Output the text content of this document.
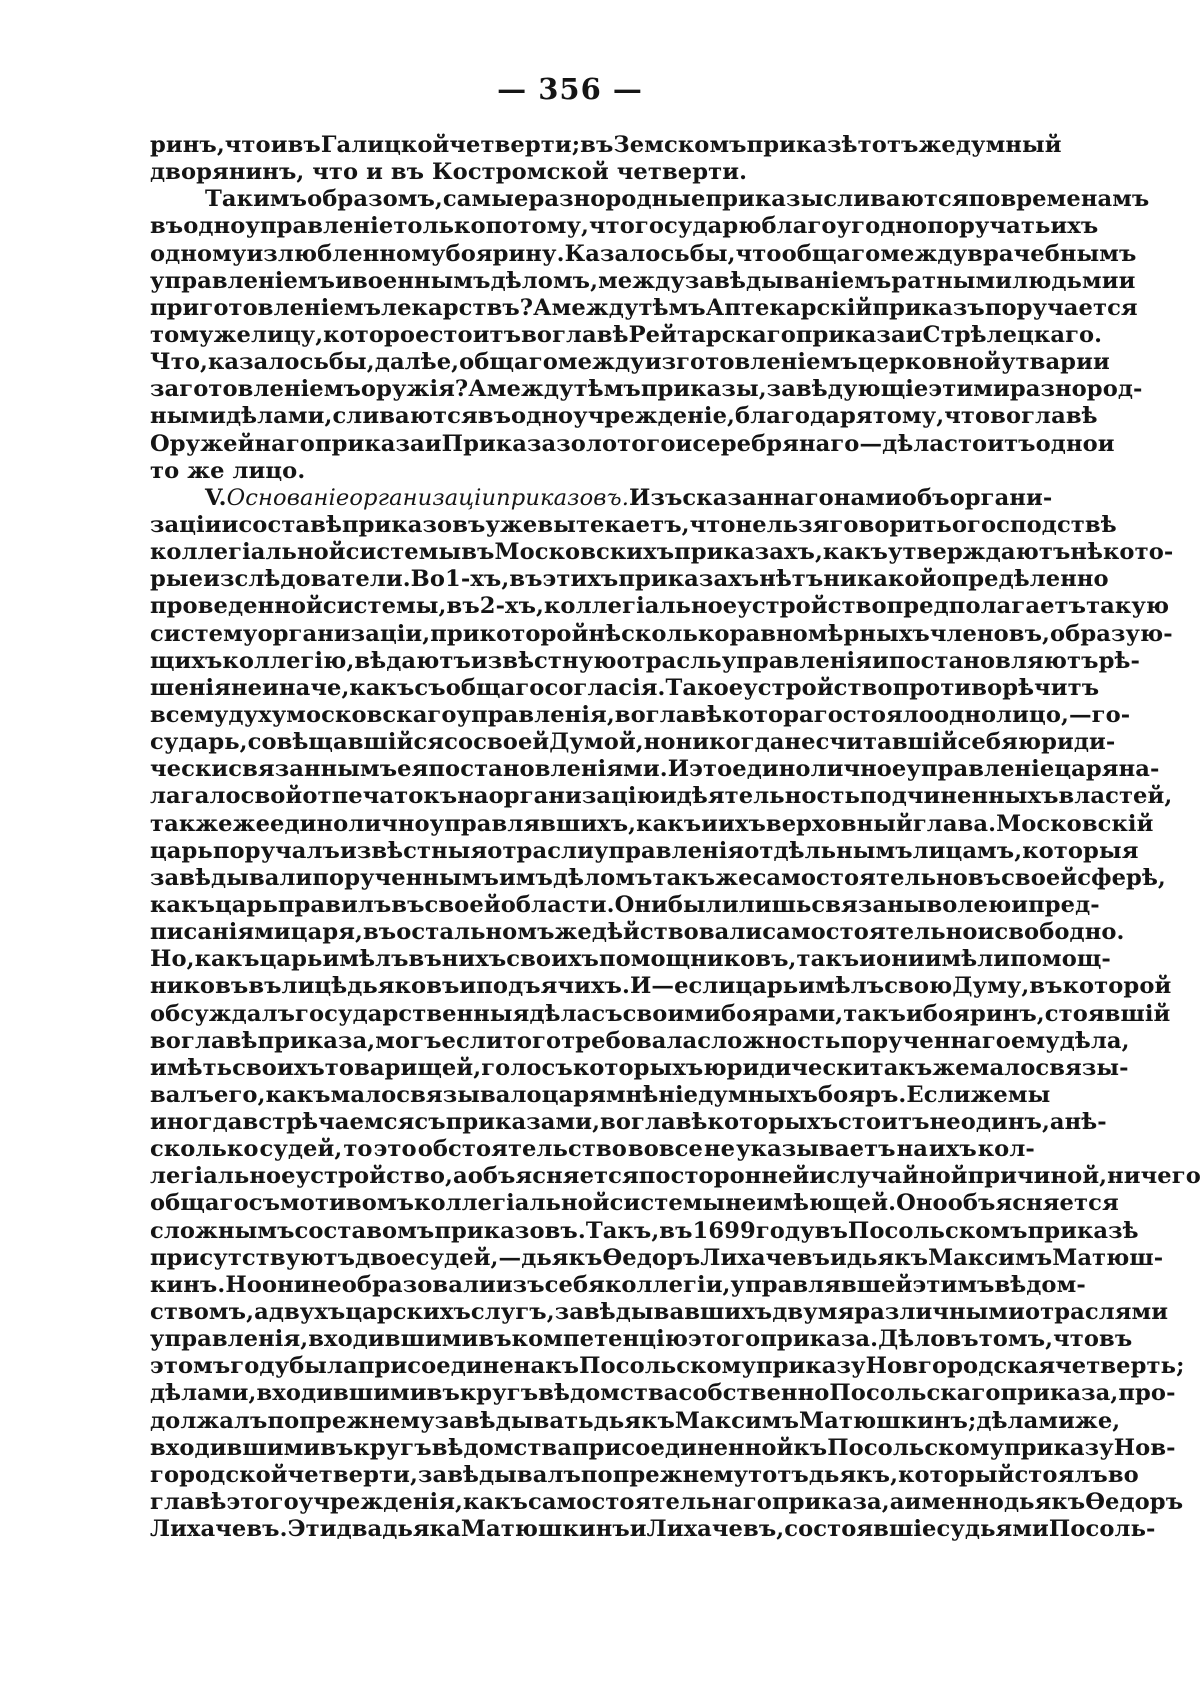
— 356 —
ринъ, что и въ Галицкой четверти; въ Земскомъ приказѣ тотъ же думный
дворянинъ, что и въ Костромской четверти.
Такимъ образомъ, самые разнородные приказы сливаются по временамъ
въ одно управленіе только потому, что государю благоугодно поручать ихъ
одному излюбленному боярину. Казалось бы, что общаго между врачебнымъ
управленіемъ и военнымъ дѣломъ, между завѣдываніемъ ратными людьми и
приготовленіемъ лекарствъ? А между тѣмъ Аптекарскій приказъ поручается
тому же лицу, которое стоитъ во главѣ Рейтарскаго приказа и Стрѣлецкаго.
Что, казалось бы, далѣе, общаго между изготовленіемъ церковной утвари и
заготовленіемъ оружія? А между тѣмъ приказы, завѣдующіе этими разнород-
ными дѣлами, сливаются въ одно учрежденіе, благодаря тому, что во главѣ
Оружейнаго приказа и Приказа золотого и серебрянаго — дѣла стоитъ одно и
то же лицо.
V. Основаніе организаціи приказовъ. Изъ сказаннаго нами объ органи-
заціи и составѣ приказовъ уже вытекаетъ, что нельзя говорить о господствѣ
коллегіальной системы въ Московскихъ приказахъ, какъ утверждаютъ нѣкото-
рые изслѣдователи. Во 1-хъ, въ этихъ приказахъ нѣтъ никакой опредѣленно
проведенной системы, въ 2-хъ, коллегіальное устройство предполагаетъ такую
систему организаціи, при которой нѣсколько равномѣрныхъ членовъ, образую-
щихъ коллегію, вѣдаютъ извѣстную отрасль управленія и постановляютъ рѣ-
шенія не иначе, какъ съ общаго согласія. Такое устройство противорѣчитъ
всему духу московскаго управленія, во главѣ котораго стояло одно лицо,—го-
сударь, совѣщавшійся со своей Думой, но никогда не считавшій себя юриди-
чески связаннымъ ея постановленіями. И это единоличное управленіе царя на-
лагало свой отпечатокъ на организацію и дѣятельность подчиненныхъ властей,
также же единолично управлявшихъ, какъ и ихъ верховный глава. Московскій
царь поручалъ извѣстныя отрасли управленія отдѣльнымъ лицамъ, которыя
завѣдывали порученнымъ имъ дѣломъ такъ же самостоятельно въ своей сферѣ,
какъ царь правилъ въ своей области. Они были лишь связаны волею и пред-
писаніями царя, въ остальномъ же дѣйствовали самостоятельно и свободно.
Но, какъ царь имѣлъ въ нихъ своихъ помощниковъ, такъ и они имѣли помощ-
никовъ въ лицѣ дьяковъ и подъячихъ. И—если царь имѣлъ свою Думу, въ которой
обсуждалъ государственныя дѣла съ своими боярами, такъ и бояринъ, стоявшій
во главѣ приказа, могъ если того требовала сложность порученнаго ему дѣла,
имѣть своихъ товарищей, голосъ которыхъ юридически такъ же мало связы-
валъ его, какъ мало связывало царя мнѣніе думныхъ бояръ. Если же мы
иногда встрѣчаемся съ приказами, во главѣ которыхъ стоитъ не одинъ, а нѣ-
сколько судей, то это обстоятельство вовсе не указываетъ на ихъ кол-
легіальное устройство, а объясняется посторонней и случайной причиной, ничего
общаго съ мотивомъ коллегіальной системы не имѣющей. Оно объясняется
сложнымъ составомъ приказовъ. Такъ, въ 1699 году въ Посольскомъ приказѣ
присутствуютъ двое судей,—дьякъ Ѳедоръ Лихачевъ и дьякъ Максимъ Матюш-
кинъ. Но они не образовали изъ себя коллегіи, управлявшей этимъ вѣдом-
ствомъ, а двухъ царскихъ слугъ, завѣдывавшихъ двумя различными отраслями
управленія, входившими въ компетенцію этого приказа. Дѣло въ томъ, что въ
этомъ году была присоединена къ Посольскому приказу Новгородская четверть;
дѣлами, входившими въ кругъ вѣдомства собственно Посольскаго приказа, про-
должалъ по прежнему завѣдывать дьякъ Максимъ Матюшкинъ; дѣлами же,
входившими въ кругъ вѣдомства присоединенной къ Посольскому приказу Нов-
городской четверти, завѣдывалъ по прежнему тотъ дьякъ, который стоялъ во
главѣ этого учрежденія, какъ самостоятельнаго приказа, а именно дьякъ Ѳедоръ
Лихачевъ. Эти два дьяка Матюшкинъ и Лихачевъ, состоявшіе судьями Посоль-
